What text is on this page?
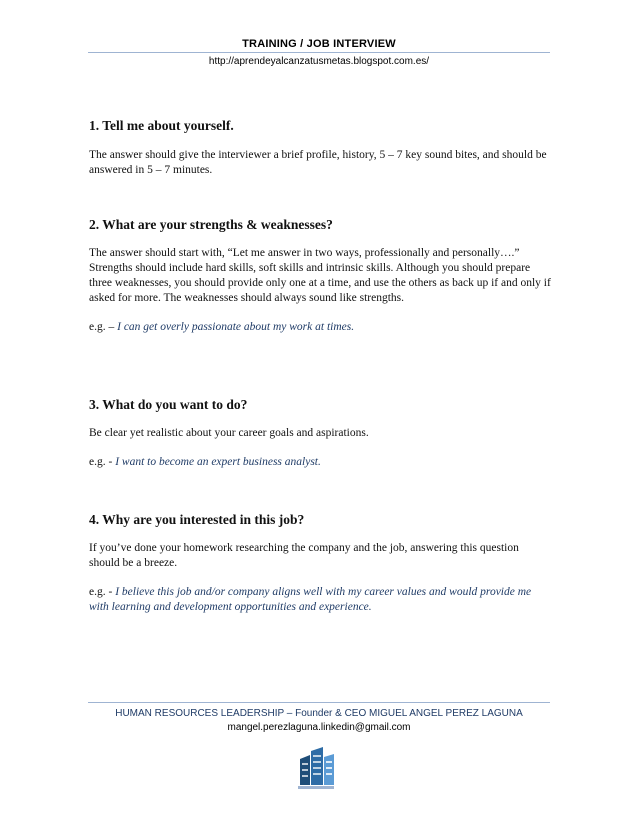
TRAINING / JOB INTERVIEW
http://aprendeyalcanzatusmetas.blogspot.com.es/

1. Tell me about yourself.

The answer should give the interviewer a brief profile, history, 5 – 7 key sound bites, and should be answered in 5 – 7 minutes.

2. What are your strengths & weaknesses?

The answer should start with, “Let me answer in two ways, professionally and personally….” Strengths should include hard skills, soft skills and intrinsic skills. Although you should prepare three weaknesses, you should provide only one at a time, and use the others as back up if and only if asked for more. The weaknesses should always sound like strengths.

e.g. – I can get overly passionate about my work at times.

3. What do you want to do?

Be clear yet realistic about your career goals and aspirations.

e.g. - I want to become an expert business analyst.

4. Why are you interested in this job?

If you’ve done your homework researching the company and the job, answering this question should be a breeze.

e.g. - I believe this job and/or company aligns well with my career values and would provide me with learning and development opportunities and experience.

HUMAN RESOURCES LEADERSHIP – Founder & CEO MIGUEL ANGEL PEREZ LAGUNA
mangel.perezlaguna.linkedin@gmail.com
